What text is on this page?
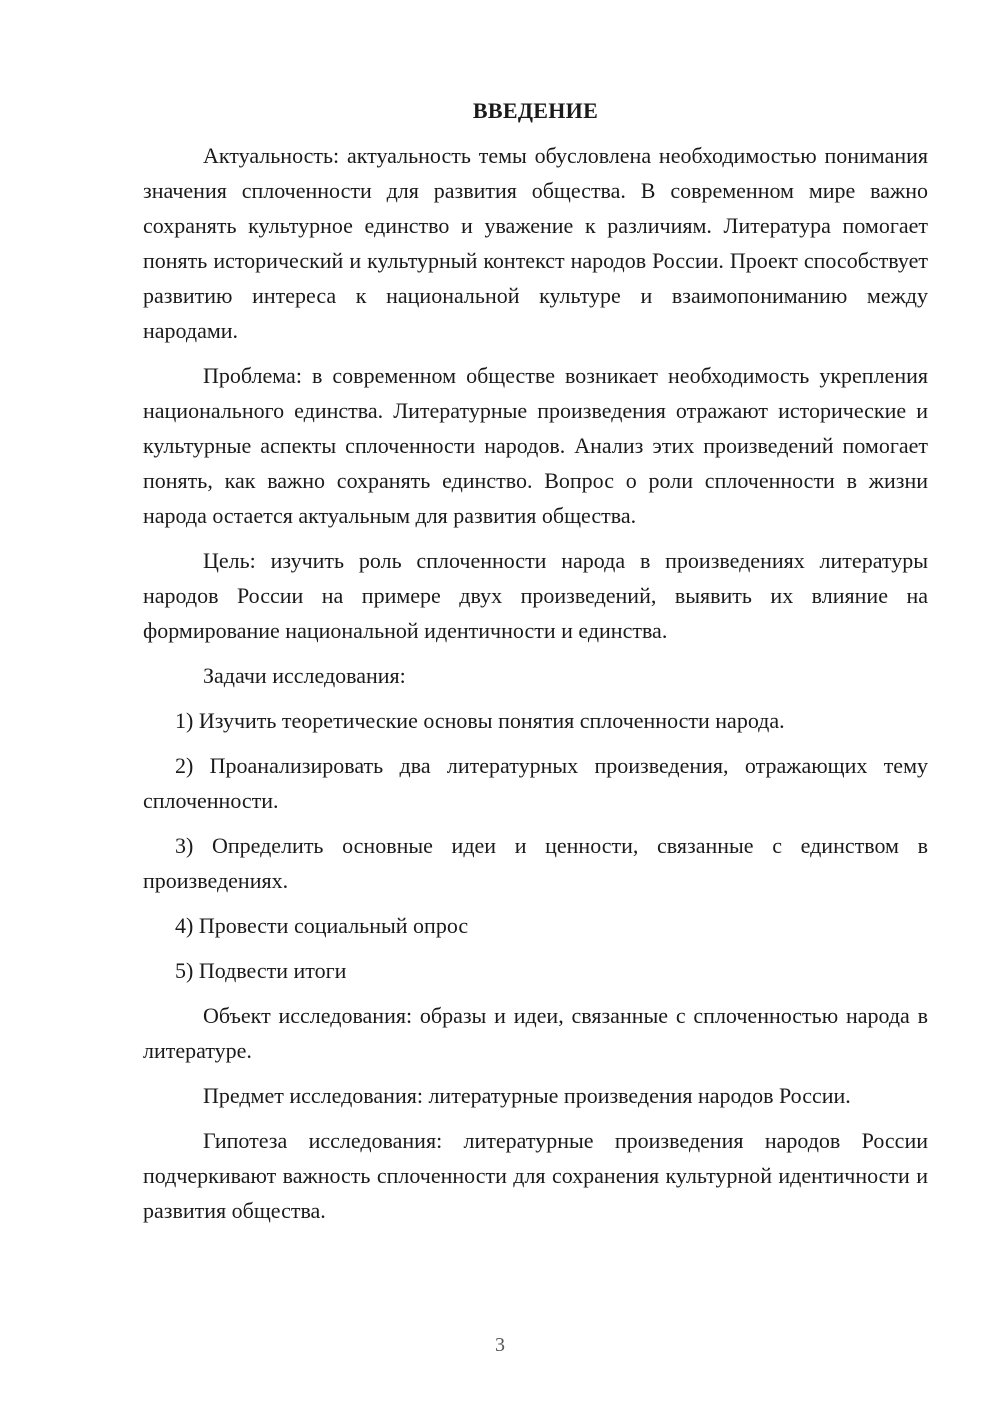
ВВЕДЕНИЕ

Актуальность: актуальность темы обусловлена необходимостью понимания значения сплоченности для развития общества. В современном мире важно сохранять культурное единство и уважение к различиям. Литература помогает понять исторический и культурный контекст народов России. Проект способствует развитию интереса к национальной культуре и взаимопониманию между народами.

Проблема: в современном обществе возникает необходимость укрепления национального единства. Литературные произведения отражают исторические и культурные аспекты сплоченности народов. Анализ этих произведений помогает понять, как важно сохранять единство. Вопрос о роли сплоченности в жизни народа остается актуальным для развития общества.

Цель: изучить роль сплоченности народа в произведениях литературы народов России на примере двух произведений, выявить их влияние на формирование национальной идентичности и единства.

Задачи исследования:

1) Изучить теоретические основы понятия сплоченности народа.

2) Проанализировать два литературных произведения, отражающих тему сплоченности.

3) Определить основные идеи и ценности, связанные с единством в произведениях.

4) Провести социальный опрос

5) Подвести итоги

Объект исследования: образы и идеи, связанные с сплоченностью народа в литературе.

Предмет исследования: литературные произведения народов России.

Гипотеза исследования: литературные произведения народов России подчеркивают важность сплоченности для сохранения культурной идентичности и развития общества.

3
